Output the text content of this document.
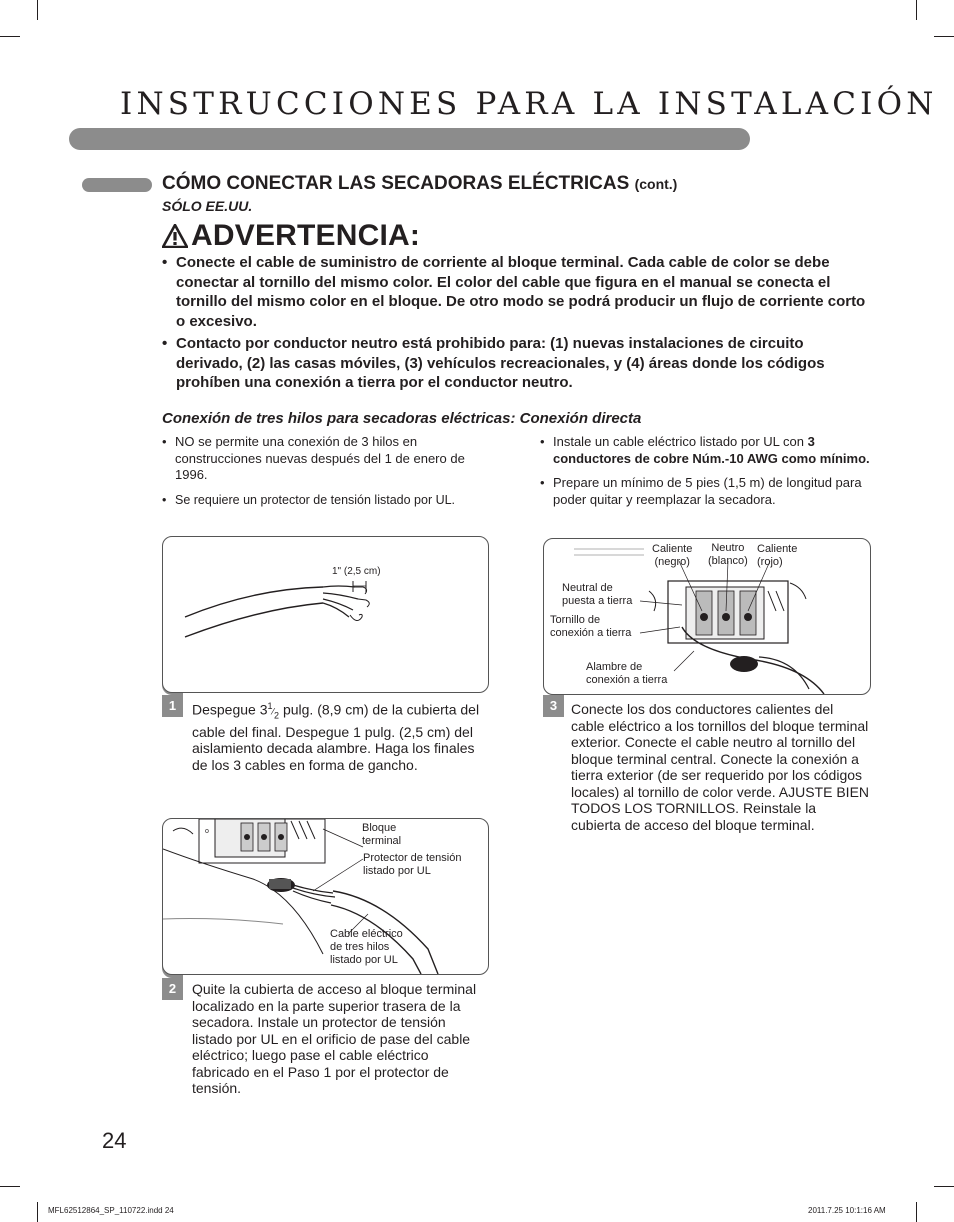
INSTRUCCIONES PARA LA INSTALACIÓN
CÓMO CONECTAR LAS SECADORAS ELÉCTRICAS (cont.)
SÓLO EE.UU.
ADVERTENCIA:

• Conecte el cable de suministro de corriente al bloque terminal. Cada cable de color se debe conectar al tornillo del mismo color. El color del cable que figura en el manual se conecta el tornillo del mismo color en el bloque. De otro modo se podrá producir un flujo de corriente corto o excesivo.

• Contacto por conductor neutro está prohibido para: (1) nuevas instalaciones de circuito derivado, (2) las casas móviles, (3) vehículos recreacionales, y (4) áreas donde los códigos prohíben una conexión a tierra por el conductor neutro.

Conexión de tres hilos para secadoras eléctricas: Conexión directa

• NO se permite una conexión de 3 hilos en construcciones nuevas después del 1 de enero de 1996.

• Se requiere un protector de tensión listado por UL.

• Instale un cable eléctrico listado por UL con 3 conductores de cobre Núm.-10 AWG como mínimo.

• Prepare un mínimo de 5 pies (1,5 m) de longitud para poder quitar y reemplazar la secadora.

1" (2,5 cm)
1	Despegue $3^1⁄_2$ pulg. (8,9 cm) de la cubierta del cable del final. Despegue 1 pulg. (2,5 cm) del aislamiento decada alambre. Haga los finales de los 3 cables en forma de gancho.
o	Bloque
terminal
Protector de tensión
listado por UL
Cable eléctrico
de tres hilos
listado por UL
2	Quite la cubierta de acceso al bloque terminal localizado en la parte superior trasera de la secadora. Instale un protector de tensión listado por UL en el orificio de pase del cable eléctrico; luego pase el cable eléctrico fabricado en el Paso 1 por el protector de tensión.
Caliente
(negro)
Neutro
(blanco)
Caliente
(rojo)
Neutral de
puesta a tierra
Tornillo de
conexión a tierra
Alambre de
conexión a tierra
3 Conecte los dos conductores calientes del cable eléctrico a los tornillos del bloque terminal exterior. Conecte el cable neutro al tornillo del bloque terminal central. Conecte la conexión a tierra exterior (de ser requerido por los códigos locales) al tornillo de color verde. AJUSTE BIEN TODOS LOS TORNILLOS. Reinstale la cubierta de acceso del bloque terminal.
24
MFL62512864_SP_110722.indd 24	2011.7.25 10:1:16 AM
